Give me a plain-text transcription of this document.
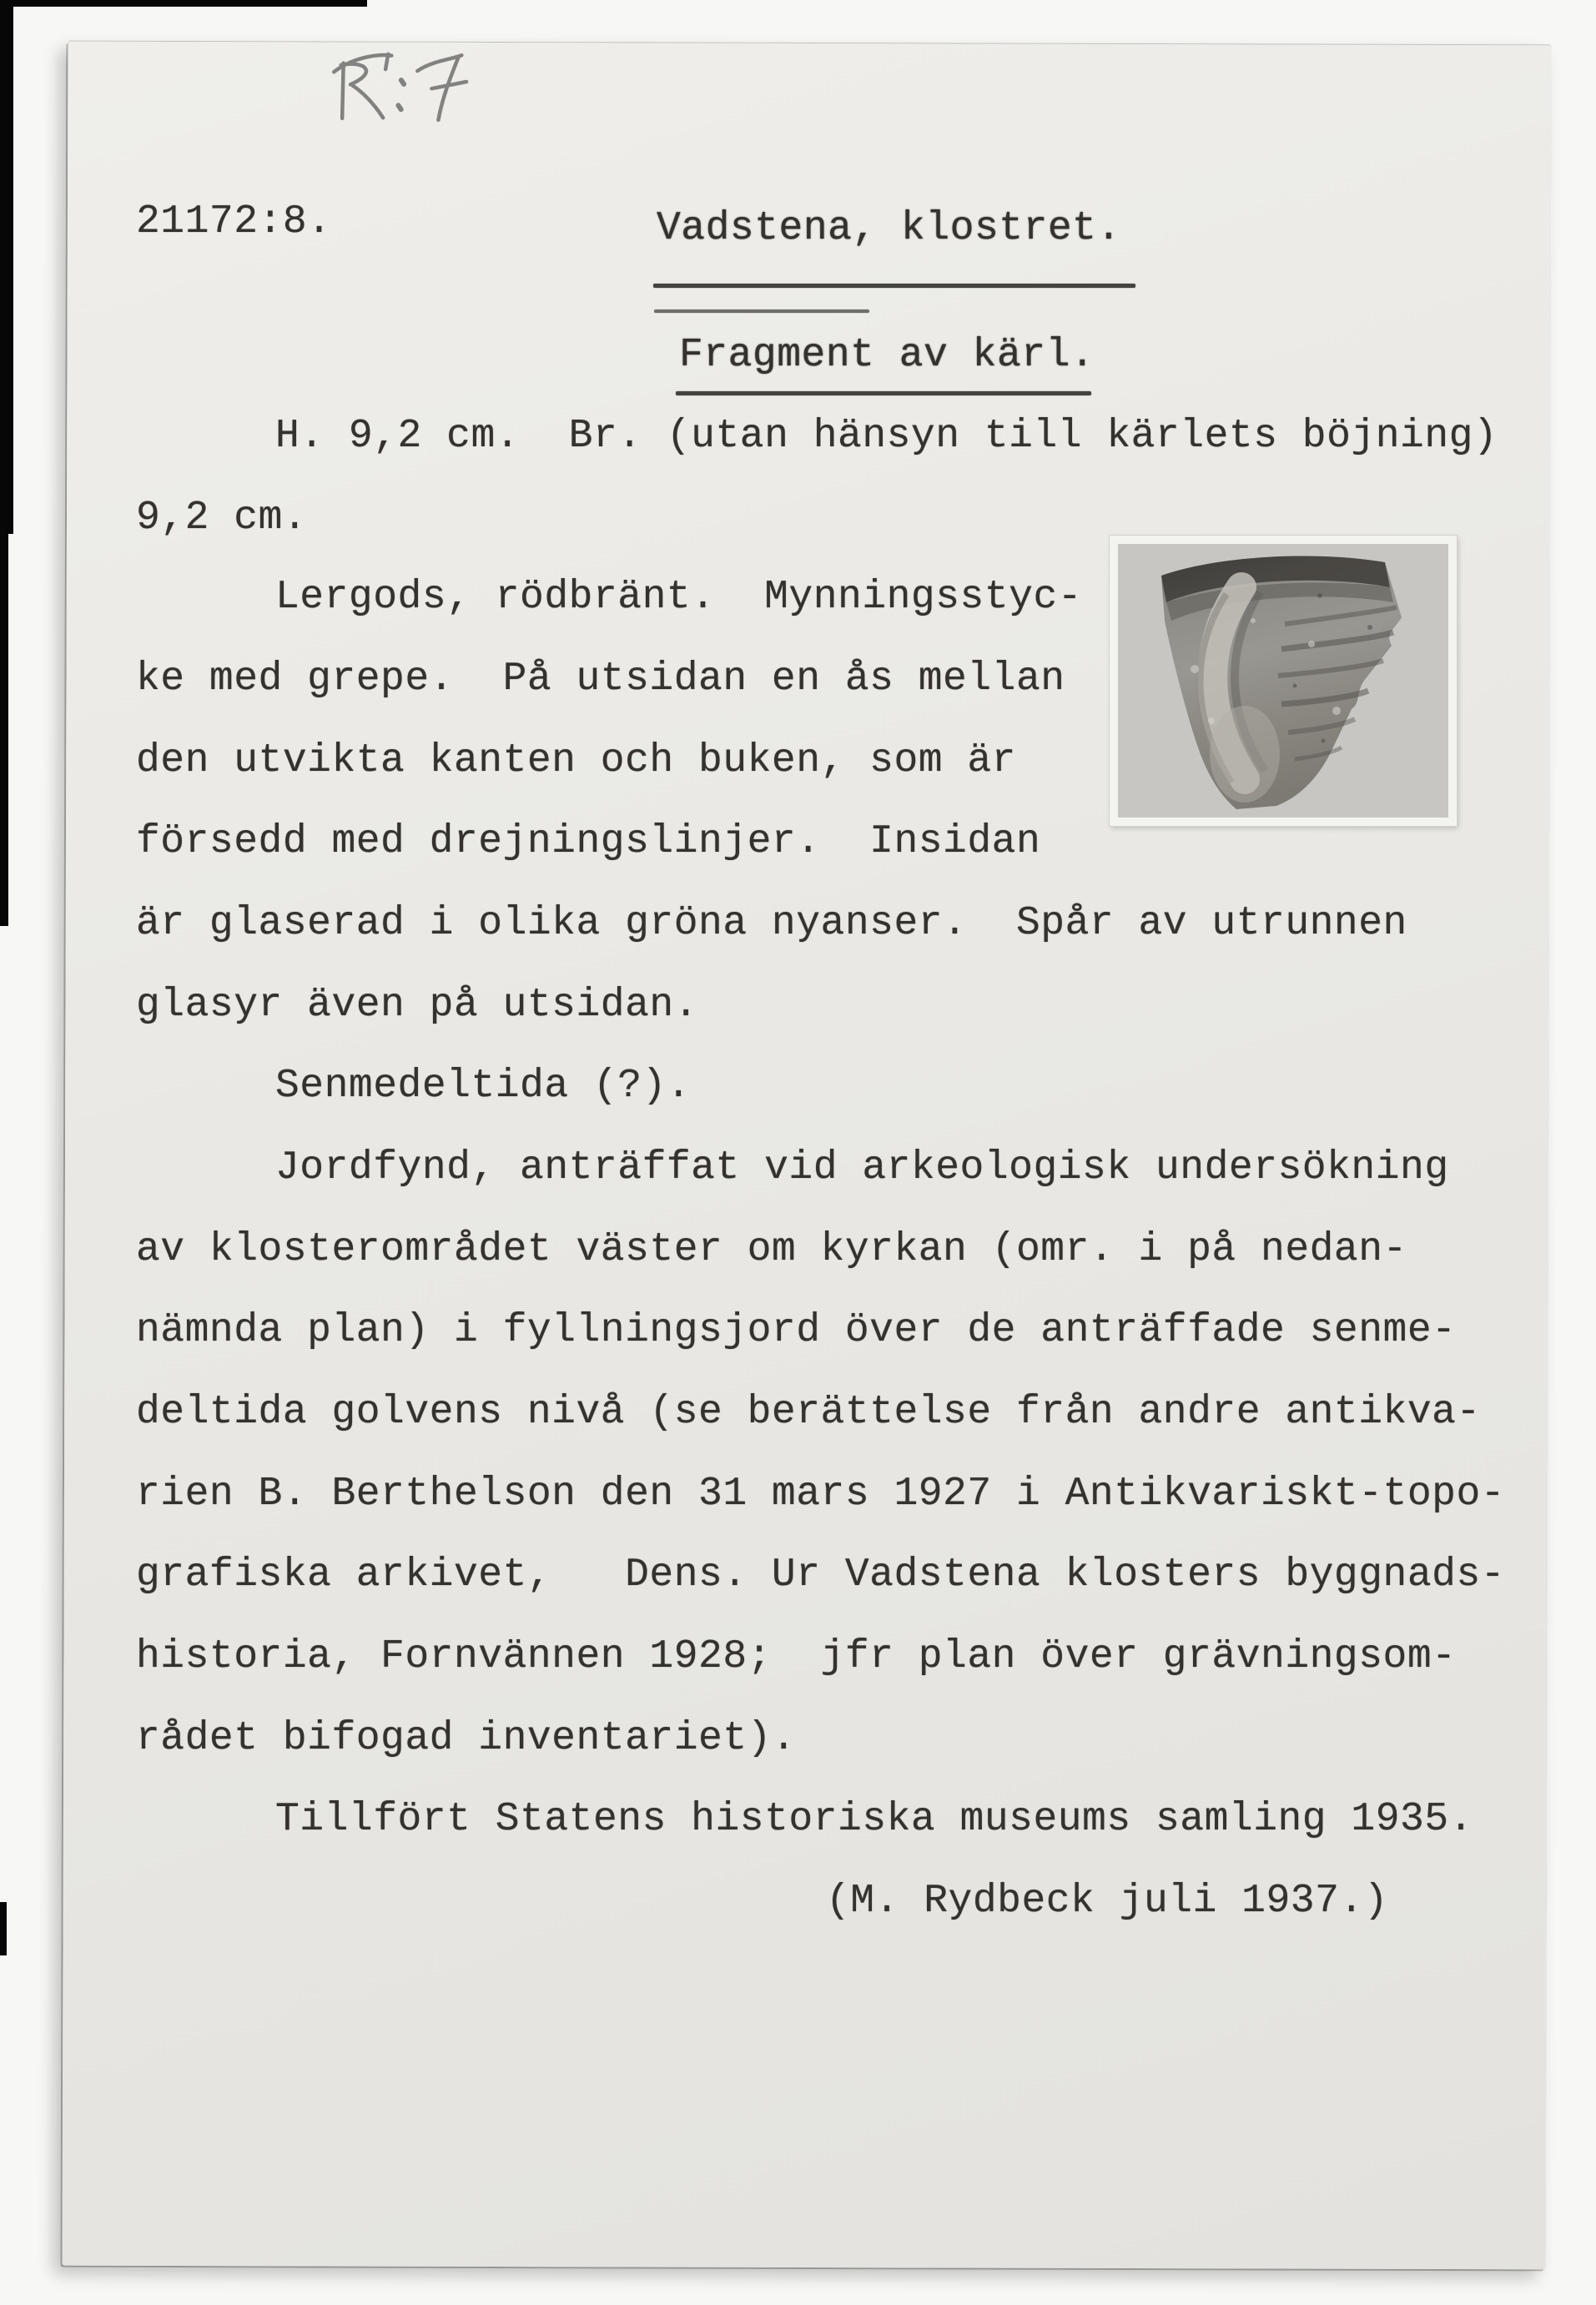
21172:8.	Vadstena, klostret.
Fragment av kärl.
H. 9,2 cm.  Br. (utan hänsyn till kärlets böjning)
9,2 cm.
Lergods, rödbränt.  Mynningsstyc-
ke med grepe.  På utsidan en ås mellan
den utvikta kanten och buken, som är
försedd med drejningslinjer.  Insidan
är glaserad i olika gröna nyanser.  Spår av utrunnen
glasyr även på utsidan.
Senmedeltida (?).
Jordfynd, anträffat vid arkeologisk undersökning
av klosterområdet väster om kyrkan (omr. i på nedan-
nämnda plan) i fyllningsjord över de anträffade senme-
deltida golvens nivå (se berättelse från andre antikva-
rien B. Berthelson den 31 mars 1927 i Antikvariskt-topo-
grafiska arkivet,   Dens. Ur Vadstena klosters byggnads-
historia, Fornvännen 1928;  jfr plan över grävningsom-
rådet bifogad inventariet).
Tillfört Statens historiska museums samling 1935.
(M. Rydbeck juli 1937.)
